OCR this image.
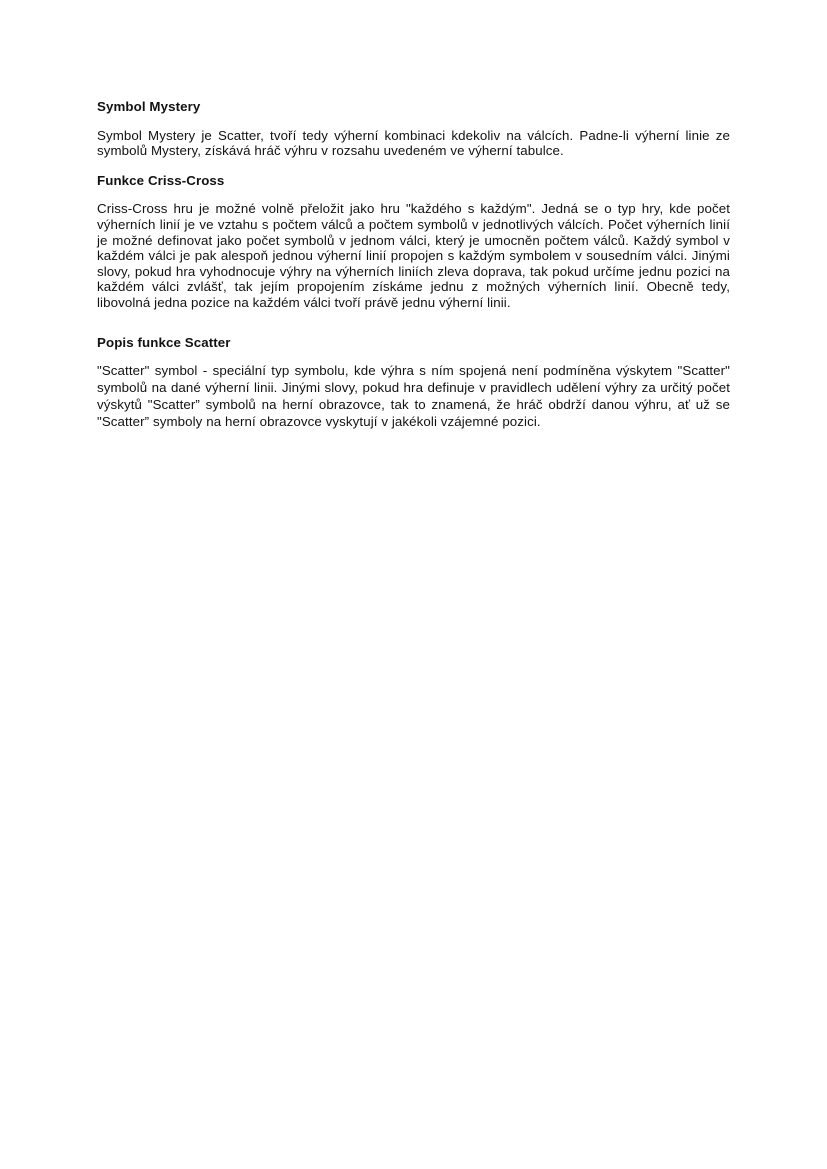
Symbol Mystery

Symbol Mystery je Scatter, tvoří tedy výherní kombinaci kdekoliv na válcích. Padne-li výherní linie ze symbolů Mystery, získává hráč výhru v rozsahu uvedeném ve výherní tabulce.

Funkce Criss-Cross

Criss-Cross hru je možné volně přeložit jako hru "každého s každým". Jedná se o typ hry, kde počet výherních linií je ve vztahu s počtem válců a počtem symbolů v jednotlivých válcích. Počet výherních linií je možné definovat jako počet symbolů v jednom válci, který je umocněn počtem válců. Každý symbol v každém válci je pak alespoň jednou výherní linií propojen s každým symbolem v sousedním válci. Jinými slovy, pokud hra vyhodnocuje výhry na výherních liniích zleva doprava, tak pokud určíme jednu pozici na každém válci zvlášť, tak jejím propojením získáme jednu z možných výherních linií. Obecně tedy, libovolná jedna pozice na každém válci tvoří právě jednu výherní linii.

Popis funkce Scatter

"Scatter" symbol - speciální typ symbolu, kde výhra s ním spojená není podmíněna výskytem "Scatter" symbolů na dané výherní linii. Jinými slovy, pokud hra definuje v pravidlech udělení výhry za určitý počet výskytů "Scatter” symbolů na herní obrazovce, tak to znamená, že hráč obdrží danou výhru, ať už se "Scatter” symboly na herní obrazovce vyskytují v jakékoli vzájemné pozici.
